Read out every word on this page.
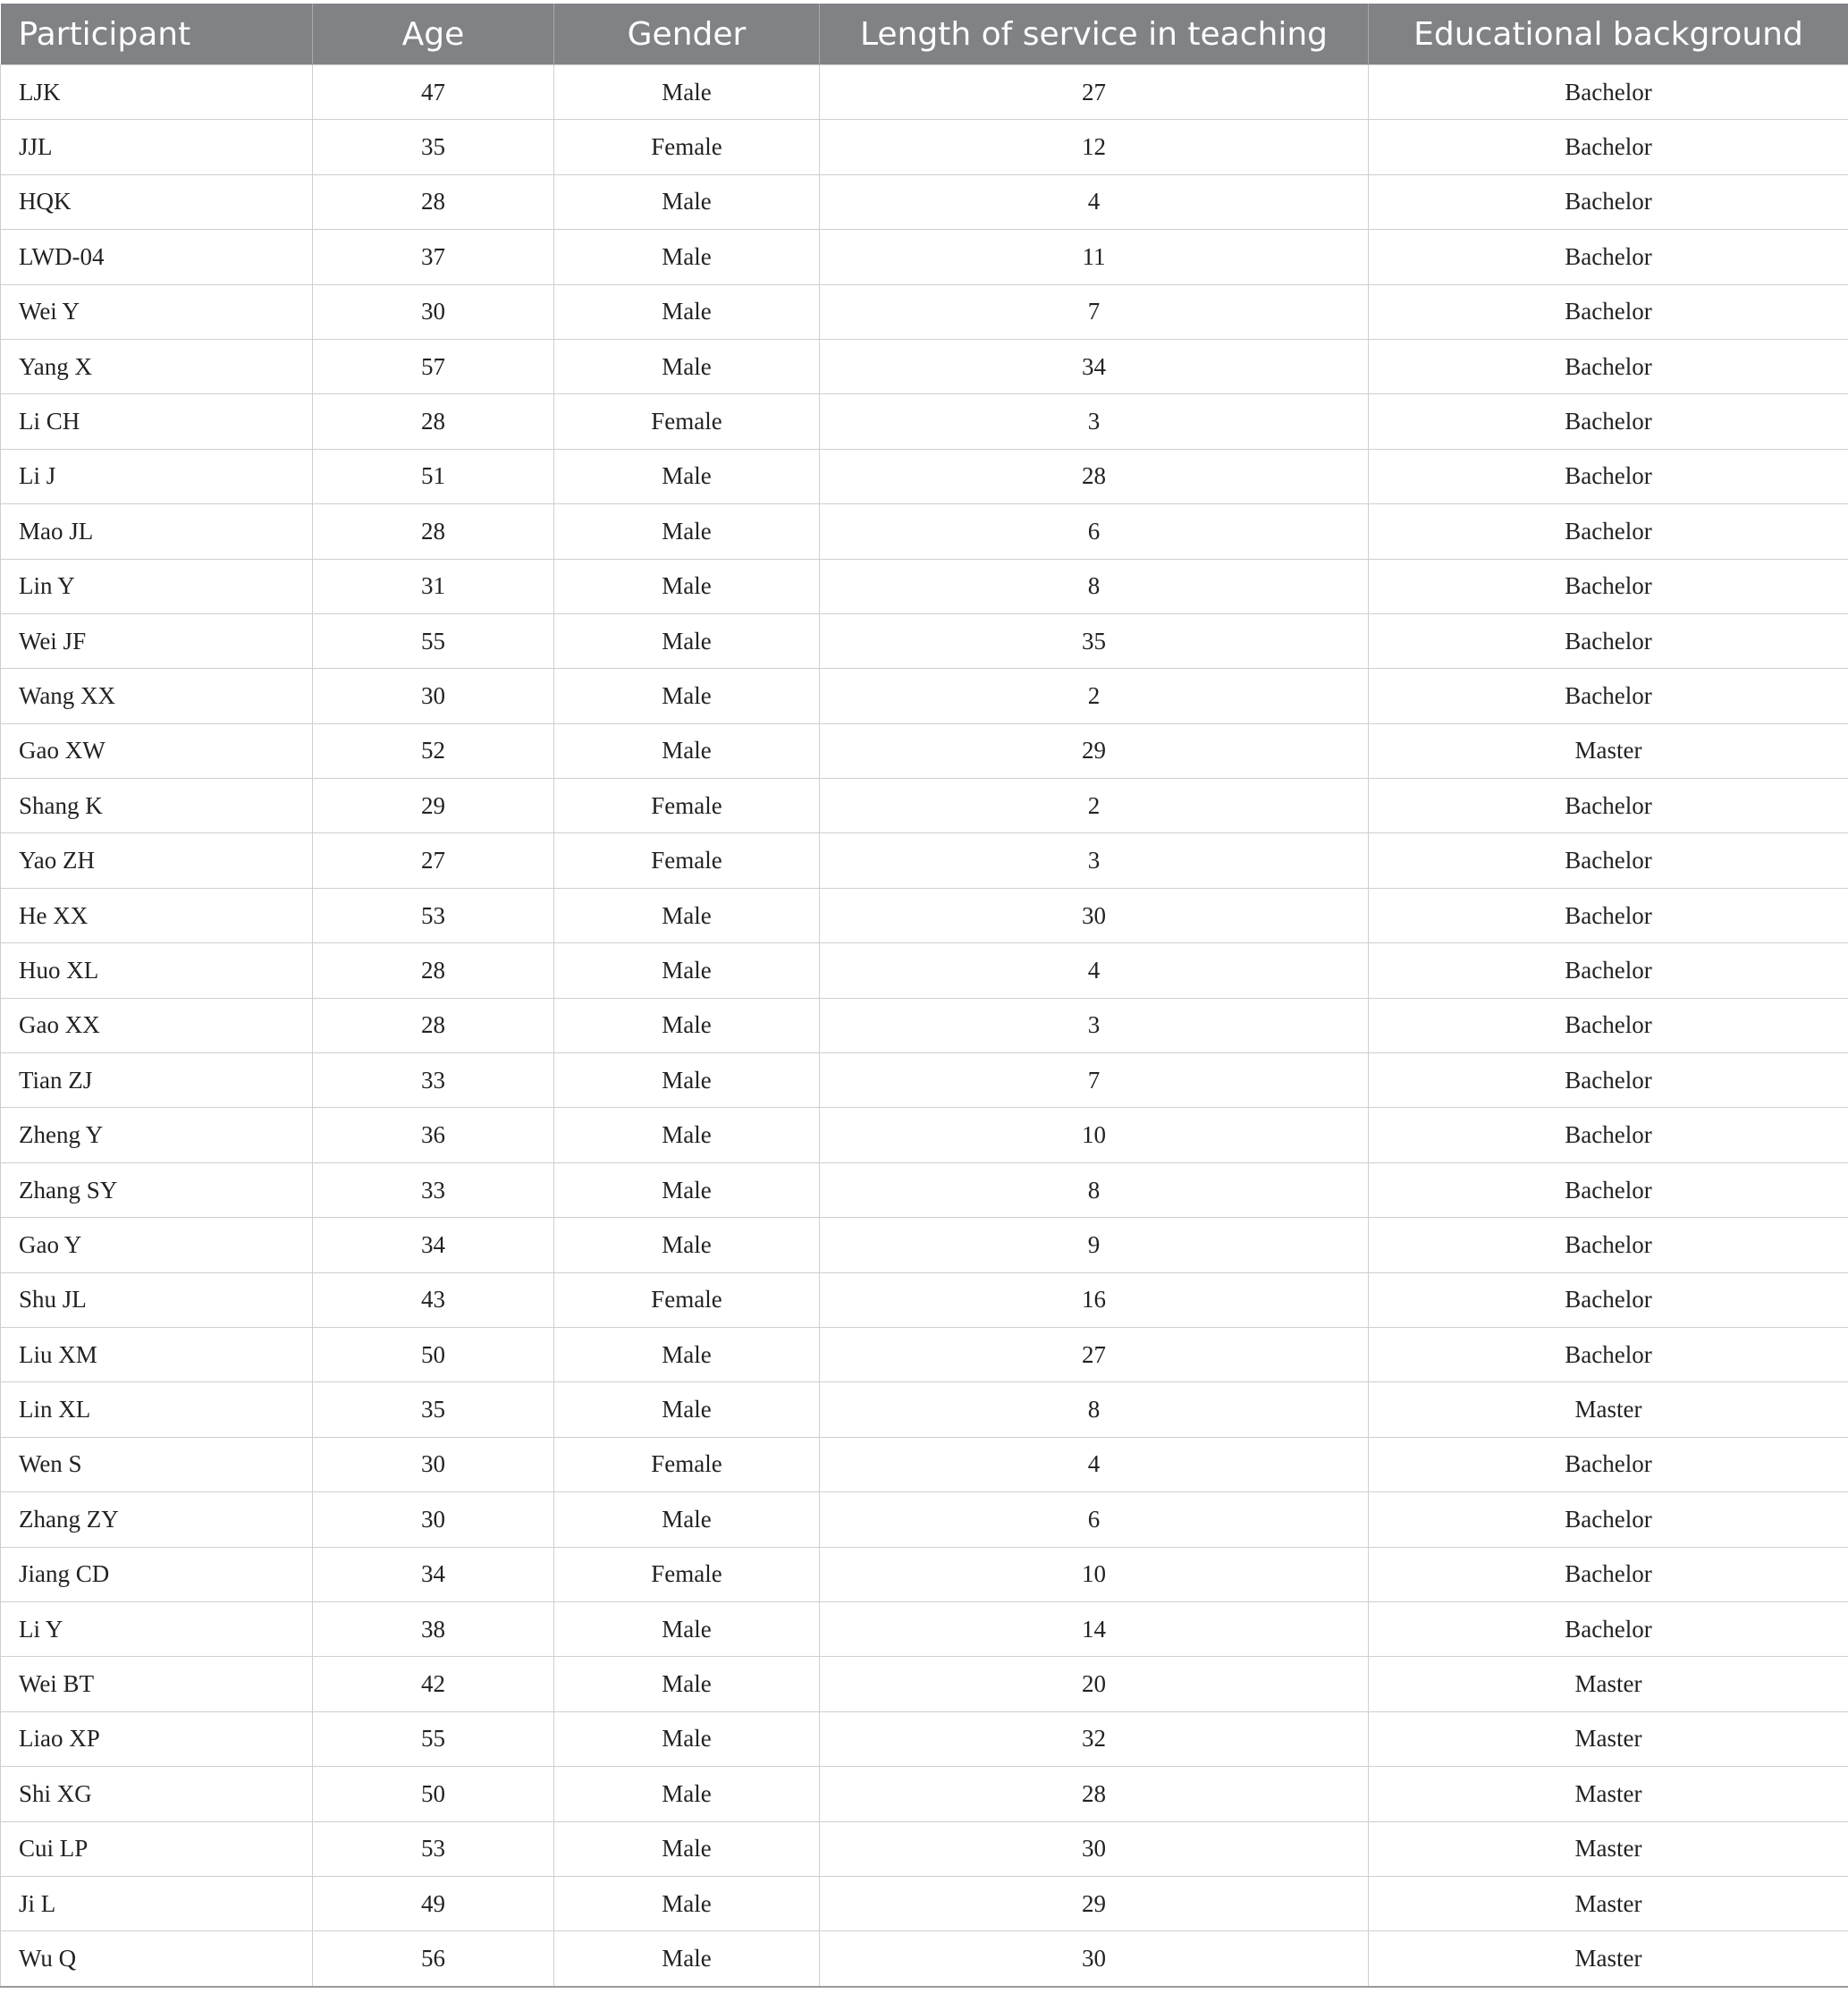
Participant	Age	Gender	Length of service in teaching	Educational background
LJK	47	Male	27	Bachelor
JJL	35	Female	12	Bachelor
HQK	28	Male	4	Bachelor
LWD-04	37	Male	11	Bachelor
Wei Y	30	Male	7	Bachelor
Yang X	57	Male	34	Bachelor
Li CH	28	Female	3	Bachelor
Li J	51	Male	28	Bachelor
Mao JL	28	Male	6	Bachelor
Lin Y	31	Male	8	Bachelor
Wei JF	55	Male	35	Bachelor
Wang XX	30	Male	2	Bachelor
Gao XW	52	Male	29	Master
Shang K	29	Female	2	Bachelor
Yao ZH	27	Female	3	Bachelor
He XX	53	Male	30	Bachelor
Huo XL	28	Male	4	Bachelor
Gao XX	28	Male	3	Bachelor
Tian ZJ	33	Male	7	Bachelor
Zheng Y	36	Male	10	Bachelor
Zhang SY	33	Male	8	Bachelor
Gao Y	34	Male	9	Bachelor
Shu JL	43	Female	16	Bachelor
Liu XM	50	Male	27	Bachelor
Lin XL	35	Male	8	Master
Wen S	30	Female	4	Bachelor
Zhang ZY	30	Male	6	Bachelor
Jiang CD	34	Female	10	Bachelor
Li Y	38	Male	14	Bachelor
Wei BT	42	Male	20	Master
Liao XP	55	Male	32	Master
Shi XG	50	Male	28	Master
Cui LP	53	Male	30	Master
Ji L	49	Male	29	Master
Wu Q	56	Male	30	Master
